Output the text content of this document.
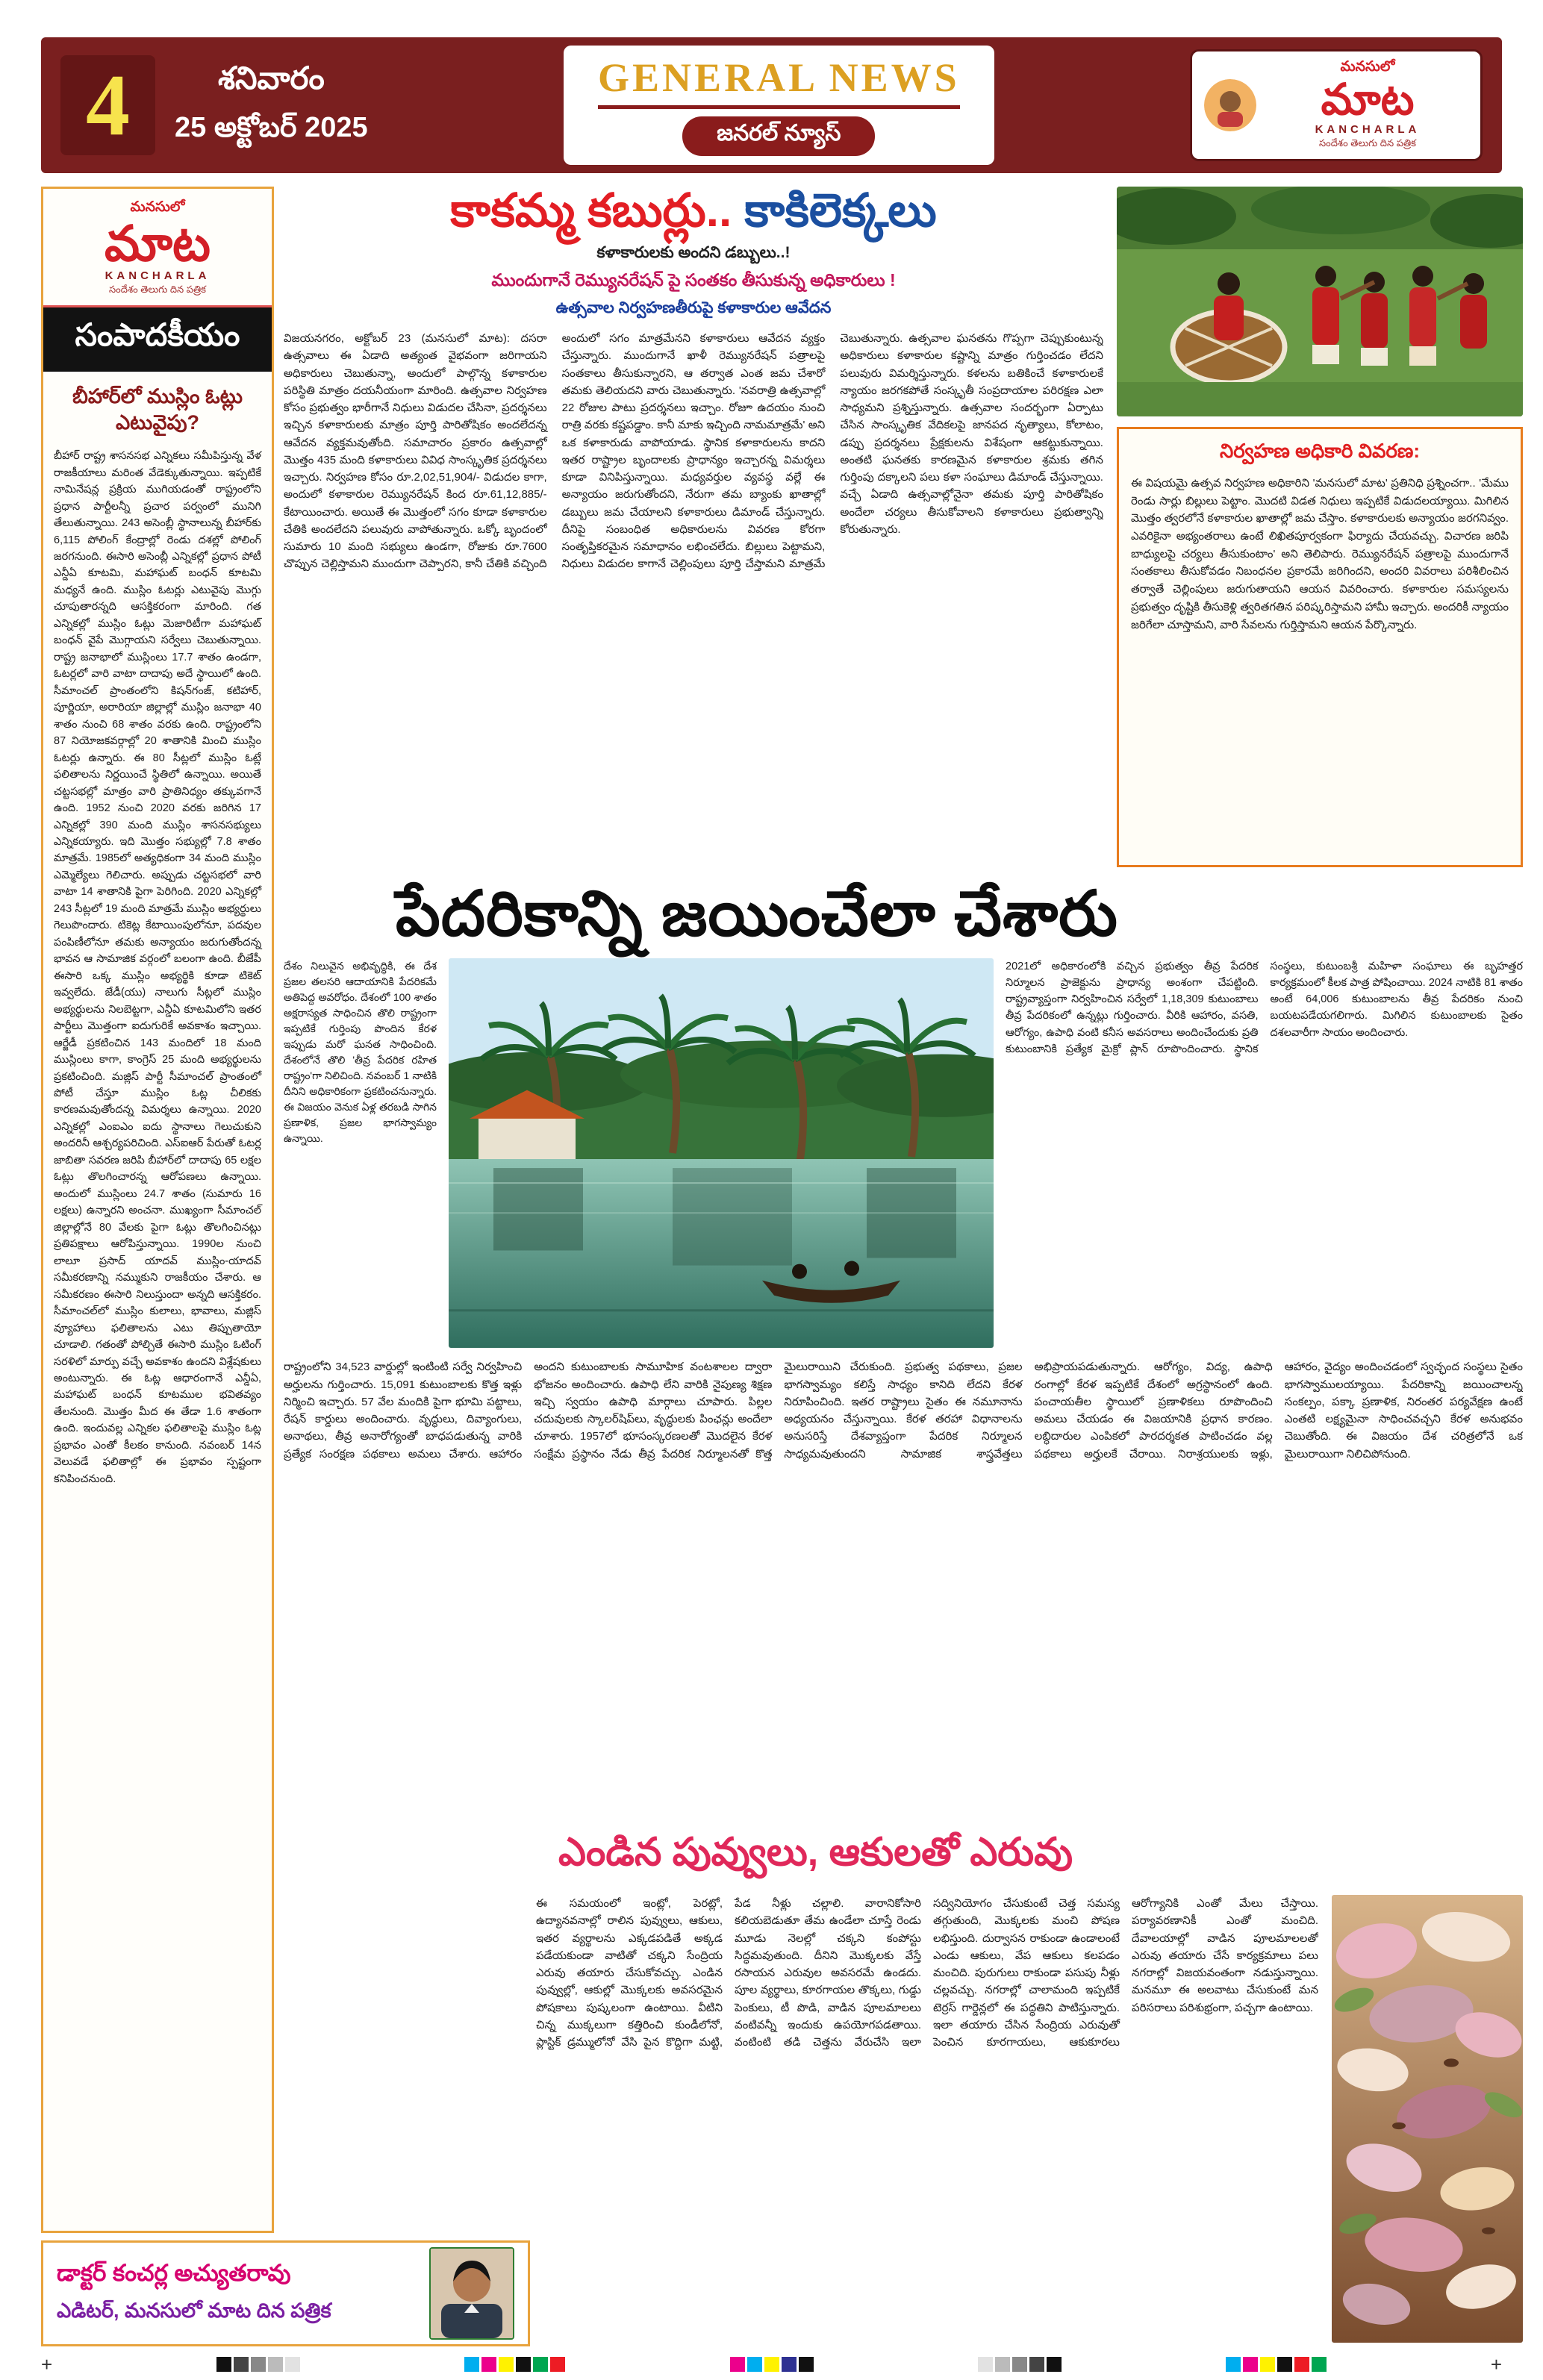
4	శనివారం
25 అక్టోబర్ 2025
GENERAL NEWS
జనరల్ న్యూస్
మనసులో
మాట
KANCHARLA
సందేశం తెలుగు దిన పత్రిక
మనసులో
మాట
KANCHARLA
సందేశం తెలుగు దిన పత్రిక
సంపాదకీయం
బీహార్‌లో ముస్లిం ఓట్లు ఎటువైపు?
బీహార్ రాష్ట్ర శాసనసభ ఎన్నికలు సమీపిస్తున్న వేళ రాజకీయాలు మరింత వేడెక్కుతున్నాయి. ఇప్పటికే నామినేషన్ల ప్రక్రియ ముగియడంతో రాష్ట్రంలోని ప్రధాన పార్టీలన్నీ ప్రచార పర్వంలో మునిగి తేలుతున్నాయి. 243 అసెంబ్లీ స్థానాలున్న బీహార్‌కు 6,115 పోలింగ్ కేంద్రాల్లో రెండు దశల్లో పోలింగ్ జరగనుంది. ఈసారి అసెంబ్లీ ఎన్నికల్లో ప్రధాన పోటీ ఎన్డీఏ కూటమి, మహాఘట్ బంధన్ కూటమి మధ్యనే ఉంది. ముస్లిం ఓటర్లు ఎటువైపు మొగ్గు చూపుతారన్నది ఆసక్తికరంగా మారింది. గత ఎన్నికల్లో ముస్లిం ఓట్లు మెజారిటీగా మహాఘట్ బంధన్ వైపే మొగ్గాయని సర్వేలు చెబుతున్నాయి. రాష్ట్ర జనాభాలో ముస్లింలు 17.7 శాతం ఉండగా, ఓటర్లలో వారి వాటా దాదాపు అదే స్థాయిలో ఉంది. సీమాంచల్ ప్రాంతంలోని కిషన్‌గంజ్, కటిహార్, పూర్ణియా, అరారియా జిల్లాల్లో ముస్లిం జనాభా 40 శాతం నుంచి 68 శాతం వరకు ఉంది. రాష్ట్రంలోని 87 నియోజకవర్గాల్లో 20 శాతానికి మించి ముస్లిం ఓటర్లు ఉన్నారు. ఈ 80 సీట్లలో ముస్లిం ఓట్లే ఫలితాలను నిర్ణయించే స్థితిలో ఉన్నాయి. అయితే చట్టసభల్లో మాత్రం వారి ప్రాతినిధ్యం తక్కువగానే ఉంది. 1952 నుంచి 2020 వరకు జరిగిన 17 ఎన్నికల్లో 390 మంది ముస్లిం శాసనసభ్యులు ఎన్నికయ్యారు. ఇది మొత్తం సభ్యుల్లో 7.8 శాతం మాత్రమే. 1985లో అత్యధికంగా 34 మంది ముస్లిం ఎమ్మెల్యేలు గెలిచారు. అప్పుడు చట్టసభలో వారి వాటా 14 శాతానికి పైగా పెరిగింది. 2020 ఎన్నికల్లో 243 సీట్లలో 19 మంది మాత్రమే ముస్లిం అభ్యర్థులు గెలుపొందారు. టికెట్ల కేటాయింపులోనూ, పదవుల పంపిణీలోనూ తమకు అన్యాయం జరుగుతోందన్న భావన ఆ సామాజిక వర్గంలో బలంగా ఉంది. బీజేపీ ఈసారి ఒక్క ముస్లిం అభ్యర్థికి కూడా టికెట్ ఇవ్వలేదు. జేడీ(యు) నాలుగు సీట్లలో ముస్లిం అభ్యర్థులను నిలబెట్టగా, ఎన్డీఏ కూటమిలోని ఇతర పార్టీలు మొత్తంగా ఐదుగురికే అవకాశం ఇచ్చాయి. ఆర్జేడీ ప్రకటించిన 143 మందిలో 18 మంది ముస్లింలు కాగా, కాంగ్రెస్ 25 మంది అభ్యర్థులను ప్రకటించింది. మజ్లిస్ పార్టీ సీమాంచల్ ప్రాంతంలో పోటీ చేస్తూ ముస్లిం ఓట్ల చీలికకు కారణమవుతోందన్న విమర్శలు ఉన్నాయి. 2020 ఎన్నికల్లో ఎంఐఎం ఐదు స్థానాలు గెలుచుకుని అందరినీ ఆశ్చర్యపరిచింది. ఎస్ఐఆర్ పేరుతో ఓటర్ల జాబితా సవరణ జరిపి బీహార్‌లో దాదాపు 65 లక్షల ఓట్లు తొలగించారన్న ఆరోపణలు ఉన్నాయి. అందులో ముస్లింలు 24.7 శాతం (సుమారు 16 లక్షలు) ఉన్నారని అంచనా. ముఖ్యంగా సీమాంచల్ జిల్లాల్లోనే 80 వేలకు పైగా ఓట్లు తొలగించినట్లు ప్రతిపక్షాలు ఆరోపిస్తున్నాయి. 1990ల నుంచి లాలూ ప్రసాద్ యాదవ్ ముస్లిం-యాదవ్ సమీకరణాన్ని నమ్ముకుని రాజకీయం చేశారు. ఆ సమీకరణం ఈసారి నిలుస్తుందా అన్నది ఆసక్తికరం. సీమాంచల్‌లో ముస్లిం కులాలు, భావాలు, మజ్లిస్ వ్యూహాలు ఫలితాలను ఎటు తిప్పుతాయో చూడాలి. గతంతో పోల్చితే ఈసారి ముస్లిం ఓటింగ్ సరళిలో మార్పు వచ్చే అవకాశం ఉందని విశ్లేషకులు అంటున్నారు. ఈ ఓట్ల ఆధారంగానే ఎన్డీఏ, మహాఘట్ బంధన్ కూటముల భవితవ్యం తేలనుంది. మొత్తం మీద ఈ తేడా 1.6 శాతంగా ఉంది. ఇందువల్ల ఎన్నికల ఫలితాలపై ముస్లిం ఓట్ల ప్రభావం ఎంతో కీలకం కానుంది. నవంబర్ 14న వెలువడే ఫలితాల్లో ఈ ప్రభావం స్పష్టంగా కనిపించనుంది.
డాక్టర్ కంచర్ల అచ్యుతరావు
ఎడిటర్, మనసులో మాట దిన పత్రిక
కాకమ్మ కబుర్లు.. కాకిలెక్కలు
కళాకారులకు అందని డబ్బులు..!
ముందుగానే రెమ్యునరేషన్ పై సంతకం తీసుకున్న అధికారులు !
ఉత్సవాల నిర్వహణతీరుపై కళాకారుల ఆవేదన
విజయనగరం, అక్టోబర్ 23 (మనసులో మాట): దసరా ఉత్సవాలు ఈ ఏడాది అత్యంత వైభవంగా జరిగాయని అధికారులు చెబుతున్నా, అందులో పాల్గొన్న కళాకారుల పరిస్థితి మాత్రం దయనీయంగా మారింది. ఉత్సవాల నిర్వహణ కోసం ప్రభుత్వం భారీగానే నిధులు విడుదల చేసినా, ప్రదర్శనలు ఇచ్చిన కళాకారులకు మాత్రం పూర్తి పారితోషికం అందలేదన్న ఆవేదన వ్యక్తమవుతోంది. సమాచారం ప్రకారం ఉత్సవాల్లో మొత్తం 435 మంది కళాకారులు వివిధ సాంస్కృతిక ప్రదర్శనలు ఇచ్చారు. నిర్వహణ కోసం రూ.2,02,51,904/- విడుదల కాగా, అందులో కళాకారుల రెమ్యునరేషన్ కింద రూ.61,12,885/- కేటాయించారు. అయితే ఈ మొత్తంలో సగం కూడా కళాకారుల చేతికి అందలేదని పలువురు వాపోతున్నారు. ఒక్కో బృందంలో సుమారు 10 మంది సభ్యులు ఉండగా, రోజుకు రూ.7600 చొప్పున చెల్లిస్తామని ముందుగా చెప్పారని, కానీ చేతికి వచ్చింది అందులో సగం మాత్రమేనని కళాకారులు ఆవేదన వ్యక్తం చేస్తున్నారు. ముందుగానే ఖాళీ రెమ్యునరేషన్ పత్రాలపై సంతకాలు తీసుకున్నారని, ఆ తర్వాత ఎంత జమ చేశారో తమకు తెలియదని వారు చెబుతున్నారు. 'నవరాత్రి ఉత్సవాల్లో 22 రోజుల పాటు ప్రదర్శనలు ఇచ్చాం. రోజూ ఉదయం నుంచి రాత్రి వరకు కష్టపడ్డాం. కానీ మాకు ఇచ్చింది నామమాత్రమే' అని ఒక కళాకారుడు వాపోయాడు. స్థానిక కళాకారులను కాదని ఇతర రాష్ట్రాల బృందాలకు ప్రాధాన్యం ఇచ్చారన్న విమర్శలు కూడా వినిపిస్తున్నాయి. మధ్యవర్తుల వ్యవస్థ వల్లే ఈ అన్యాయం జరుగుతోందని, నేరుగా తమ బ్యాంకు ఖాతాల్లో డబ్బులు జమ చేయాలని కళాకారులు డిమాండ్ చేస్తున్నారు. దీనిపై సంబంధిత అధికారులను వివరణ కోరగా సంతృప్తికరమైన సమాధానం లభించలేదు. బిల్లులు పెట్టామని, నిధులు విడుదల కాగానే చెల్లింపులు పూర్తి చేస్తామని మాత్రమే చెబుతున్నారు. ఉత్సవాల ఘనతను గొప్పగా చెప్పుకుంటున్న అధికారులు కళాకారుల కష్టాన్ని మాత్రం గుర్తించడం లేదని పలువురు విమర్శిస్తున్నారు. కళలను బతికించే కళాకారులకే న్యాయం జరగకపోతే సంస్కృతీ సంప్రదాయాల పరిరక్షణ ఎలా సాధ్యమని ప్రశ్నిస్తున్నారు. ఉత్సవాల సందర్భంగా ఏర్పాటు చేసిన సాంస్కృతిక వేదికలపై జానపద నృత్యాలు, కోలాటం, డప్పు ప్రదర్శనలు ప్రేక్షకులను విశేషంగా ఆకట్టుకున్నాయి. అంతటి ఘనతకు కారణమైన కళాకారుల శ్రమకు తగిన గుర్తింపు దక్కాలని పలు కళా సంఘాలు డిమాండ్ చేస్తున్నాయి. వచ్చే ఏడాది ఉత్సవాల్లోనైనా తమకు పూర్తి పారితోషికం అందేలా చర్యలు తీసుకోవాలని కళాకారులు ప్రభుత్వాన్ని కోరుతున్నారు.
నిర్వహణ అధికారి వివరణ:
ఈ విషయమై ఉత్సవ నిర్వహణ అధికారిని 'మనసులో మాట' ప్రతినిధి ప్రశ్నించగా.. 'మేము రెండు సార్లు బిల్లులు పెట్టాం. మొదటి విడత నిధులు ఇప్పటికే విడుదలయ్యాయి. మిగిలిన మొత్తం త్వరలోనే కళాకారుల ఖాతాల్లో జమ చేస్తాం. కళాకారులకు అన్యాయం జరగనివ్వం. ఎవరికైనా అభ్యంతరాలు ఉంటే లిఖితపూర్వకంగా ఫిర్యాదు చేయవచ్చు. విచారణ జరిపి బాధ్యులపై చర్యలు తీసుకుంటాం' అని తెలిపారు. రెమ్యునరేషన్ పత్రాలపై ముందుగానే సంతకాలు తీసుకోవడం నిబంధనల ప్రకారమే జరిగిందని, అందరి వివరాలు పరిశీలించిన తర్వాతే చెల్లింపులు జరుగుతాయని ఆయన వివరించారు. కళాకారుల సమస్యలను ప్రభుత్వం దృష్టికి తీసుకెళ్లి త్వరితగతిన పరిష్కరిస్తామని హామీ ఇచ్చారు. అందరికీ న్యాయం జరిగేలా చూస్తామని, వారి సేవలను గుర్తిస్తామని ఆయన పేర్కొన్నారు.
పేదరికాన్ని జయించేలా చేశారు
దేశం నిలువైన అభివృద్ధికి, ఈ దేశ ప్రజల తలసరి ఆదాయానికి పేదరికమే అతిపెద్ద అవరోధం. దేశంలో 100 శాతం అక్షరాస్యత సాధించిన తొలి రాష్ట్రంగా ఇప్పటికే గుర్తింపు పొందిన కేరళ ఇప్పుడు మరో ఘనత సాధించింది. దేశంలోనే తొలి 'తీవ్ర పేదరిక రహిత రాష్ట్రం'గా నిలిచింది. నవంబర్ 1 నాటికి దీనిని అధికారికంగా ప్రకటించనున్నారు. ఈ విజయం వెనుక ఏళ్ల తరబడి సాగిన ప్రణాళిక, ప్రజల భాగస్వామ్యం ఉన్నాయి.
2021లో అధికారంలోకి వచ్చిన ప్రభుత్వం తీవ్ర పేదరిక నిర్మూలన ప్రాజెక్టును ప్రాధాన్య అంశంగా చేపట్టింది. రాష్ట్రవ్యాప్తంగా నిర్వహించిన సర్వేలో 1,18,309 కుటుంబాలు తీవ్ర పేదరికంలో ఉన్నట్లు గుర్తించారు. వీరికి ఆహారం, వసతి, ఆరోగ్యం, ఉపాధి వంటి కనీస అవసరాలు అందించేందుకు ప్రతి కుటుంబానికి ప్రత్యేక మైక్రో ప్లాన్ రూపొందించారు. స్థానిక సంస్థలు, కుటుంబశ్రీ మహిళా సంఘాలు ఈ బృహత్తర కార్యక్రమంలో కీలక పాత్ర పోషించాయి. 2024 నాటికి 81 శాతం అంటే 64,006 కుటుంబాలను తీవ్ర పేదరికం నుంచి బయటపడేయగలిగారు. మిగిలిన కుటుంబాలకు సైతం దశలవారీగా సాయం అందించారు.
రాష్ట్రంలోని 34,523 వార్డుల్లో ఇంటింటి సర్వే నిర్వహించి అర్హులను గుర్తించారు. 15,091 కుటుంబాలకు కొత్త ఇళ్లు నిర్మించి ఇచ్చారు. 57 వేల మందికి పైగా భూమి పట్టాలు, రేషన్ కార్డులు అందించారు. వృద్ధులు, దివ్యాంగులు, అనాథలు, తీవ్ర అనారోగ్యంతో బాధపడుతున్న వారికి ప్రత్యేక సంరక్షణ పథకాలు అమలు చేశారు. ఆహారం అందని కుటుంబాలకు సామూహిక వంటశాలల ద్వారా భోజనం అందించారు. ఉపాధి లేని వారికి నైపుణ్య శిక్షణ ఇచ్చి స్వయం ఉపాధి మార్గాలు చూపారు. పిల్లల చదువులకు స్కాలర్‌షిప్‌లు, వృద్ధులకు పింఛన్లు అందేలా చూశారు. 1957లో భూసంస్కరణలతో మొదలైన కేరళ సంక్షేమ ప్రస్థానం నేడు తీవ్ర పేదరిక నిర్మూలనతో కొత్త మైలురాయిని చేరుకుంది. ప్రభుత్వ పథకాలు, ప్రజల భాగస్వామ్యం కలిస్తే సాధ్యం కానిది లేదని కేరళ నిరూపించింది. ఇతర రాష్ట్రాలు సైతం ఈ నమూనాను అధ్యయనం చేస్తున్నాయి. కేరళ తరహా విధానాలను అనుసరిస్తే దేశవ్యాప్తంగా పేదరిక నిర్మూలన సాధ్యమవుతుందని సామాజిక శాస్త్రవేత్తలు అభిప్రాయపడుతున్నారు. ఆరోగ్యం, విద్య, ఉపాధి రంగాల్లో కేరళ ఇప్పటికే దేశంలో అగ్రస్థానంలో ఉంది. పంచాయతీల స్థాయిలో ప్రణాళికలు రూపొందించి అమలు చేయడం ఈ విజయానికి ప్రధాన కారణం. లబ్ధిదారుల ఎంపికలో పారదర్శకత పాటించడం వల్ల పథకాలు అర్హులకే చేరాయి. నిరాశ్రయులకు ఇళ్లు, ఆహారం, వైద్యం అందించడంలో స్వచ్ఛంద సంస్థలు సైతం భాగస్వాములయ్యాయి. పేదరికాన్ని జయించాలన్న సంకల్పం, పక్కా ప్రణాళిక, నిరంతర పర్యవేక్షణ ఉంటే ఎంతటి లక్ష్యమైనా సాధించవచ్చని కేరళ అనుభవం చెబుతోంది. ఈ విజయం దేశ చరిత్రలోనే ఒక మైలురాయిగా నిలిచిపోనుంది.
ఎండిన పువ్వులు, ఆకులతో ఎరువు
ఈ సమయంలో ఇంట్లో, పెరట్లో, ఉద్యానవనాల్లో రాలిన పువ్వులు, ఆకులు, ఇతర వ్యర్థాలను ఎక్కడపడితే అక్కడ పడేయకుండా వాటితో చక్కని సేంద్రియ ఎరువు తయారు చేసుకోవచ్చు. ఎండిన పువ్వుల్లో, ఆకుల్లో మొక్కలకు అవసరమైన పోషకాలు పుష్కలంగా ఉంటాయి. వీటిని చిన్న ముక్కలుగా కత్తిరించి కుండీలోనో, ప్లాస్టిక్ డ్రమ్ములోనో వేసి పైన కొద్దిగా మట్టి, పేడ నీళ్లు చల్లాలి. వారానికోసారి కలియబెడుతూ తేమ ఉండేలా చూస్తే రెండు మూడు నెలల్లో చక్కని కంపోస్టు సిద్ధమవుతుంది. దీనిని మొక్కలకు వేస్తే రసాయన ఎరువుల అవసరమే ఉండదు. పూల వ్యర్థాలు, కూరగాయల తొక్కలు, గుడ్డు పెంకులు, టీ పొడి, వాడిన పూలమాలలు వంటివన్నీ ఇందుకు ఉపయోగపడతాయి. వంటింటి తడి చెత్తను వేరుచేసి ఇలా సద్వినియోగం చేసుకుంటే చెత్త సమస్య తగ్గుతుంది, మొక్కలకు మంచి పోషణ లభిస్తుంది. దుర్వాసన రాకుండా ఉండాలంటే ఎండు ఆకులు, వేప ఆకులు కలపడం మంచిది. పురుగులు రాకుండా పసుపు నీళ్లు చల్లవచ్చు. నగరాల్లో చాలామంది ఇప్పటికే టెర్రస్ గార్డెన్లలో ఈ పద్ధతిని పాటిస్తున్నారు. ఇలా తయారు చేసిన సేంద్రియ ఎరువుతో పెంచిన కూరగాయలు, ఆకుకూరలు ఆరోగ్యానికి ఎంతో మేలు చేస్తాయి. పర్యావరణానికీ ఎంతో మంచిది. దేవాలయాల్లో వాడిన పూలమాలలతో ఎరువు తయారు చేసే కార్యక్రమాలు పలు నగరాల్లో విజయవంతంగా నడుస్తున్నాయి. మనమూ ఈ అలవాటు చేసుకుంటే మన పరిసరాలు పరిశుభ్రంగా, పచ్చగా ఉంటాయి.
+	+
